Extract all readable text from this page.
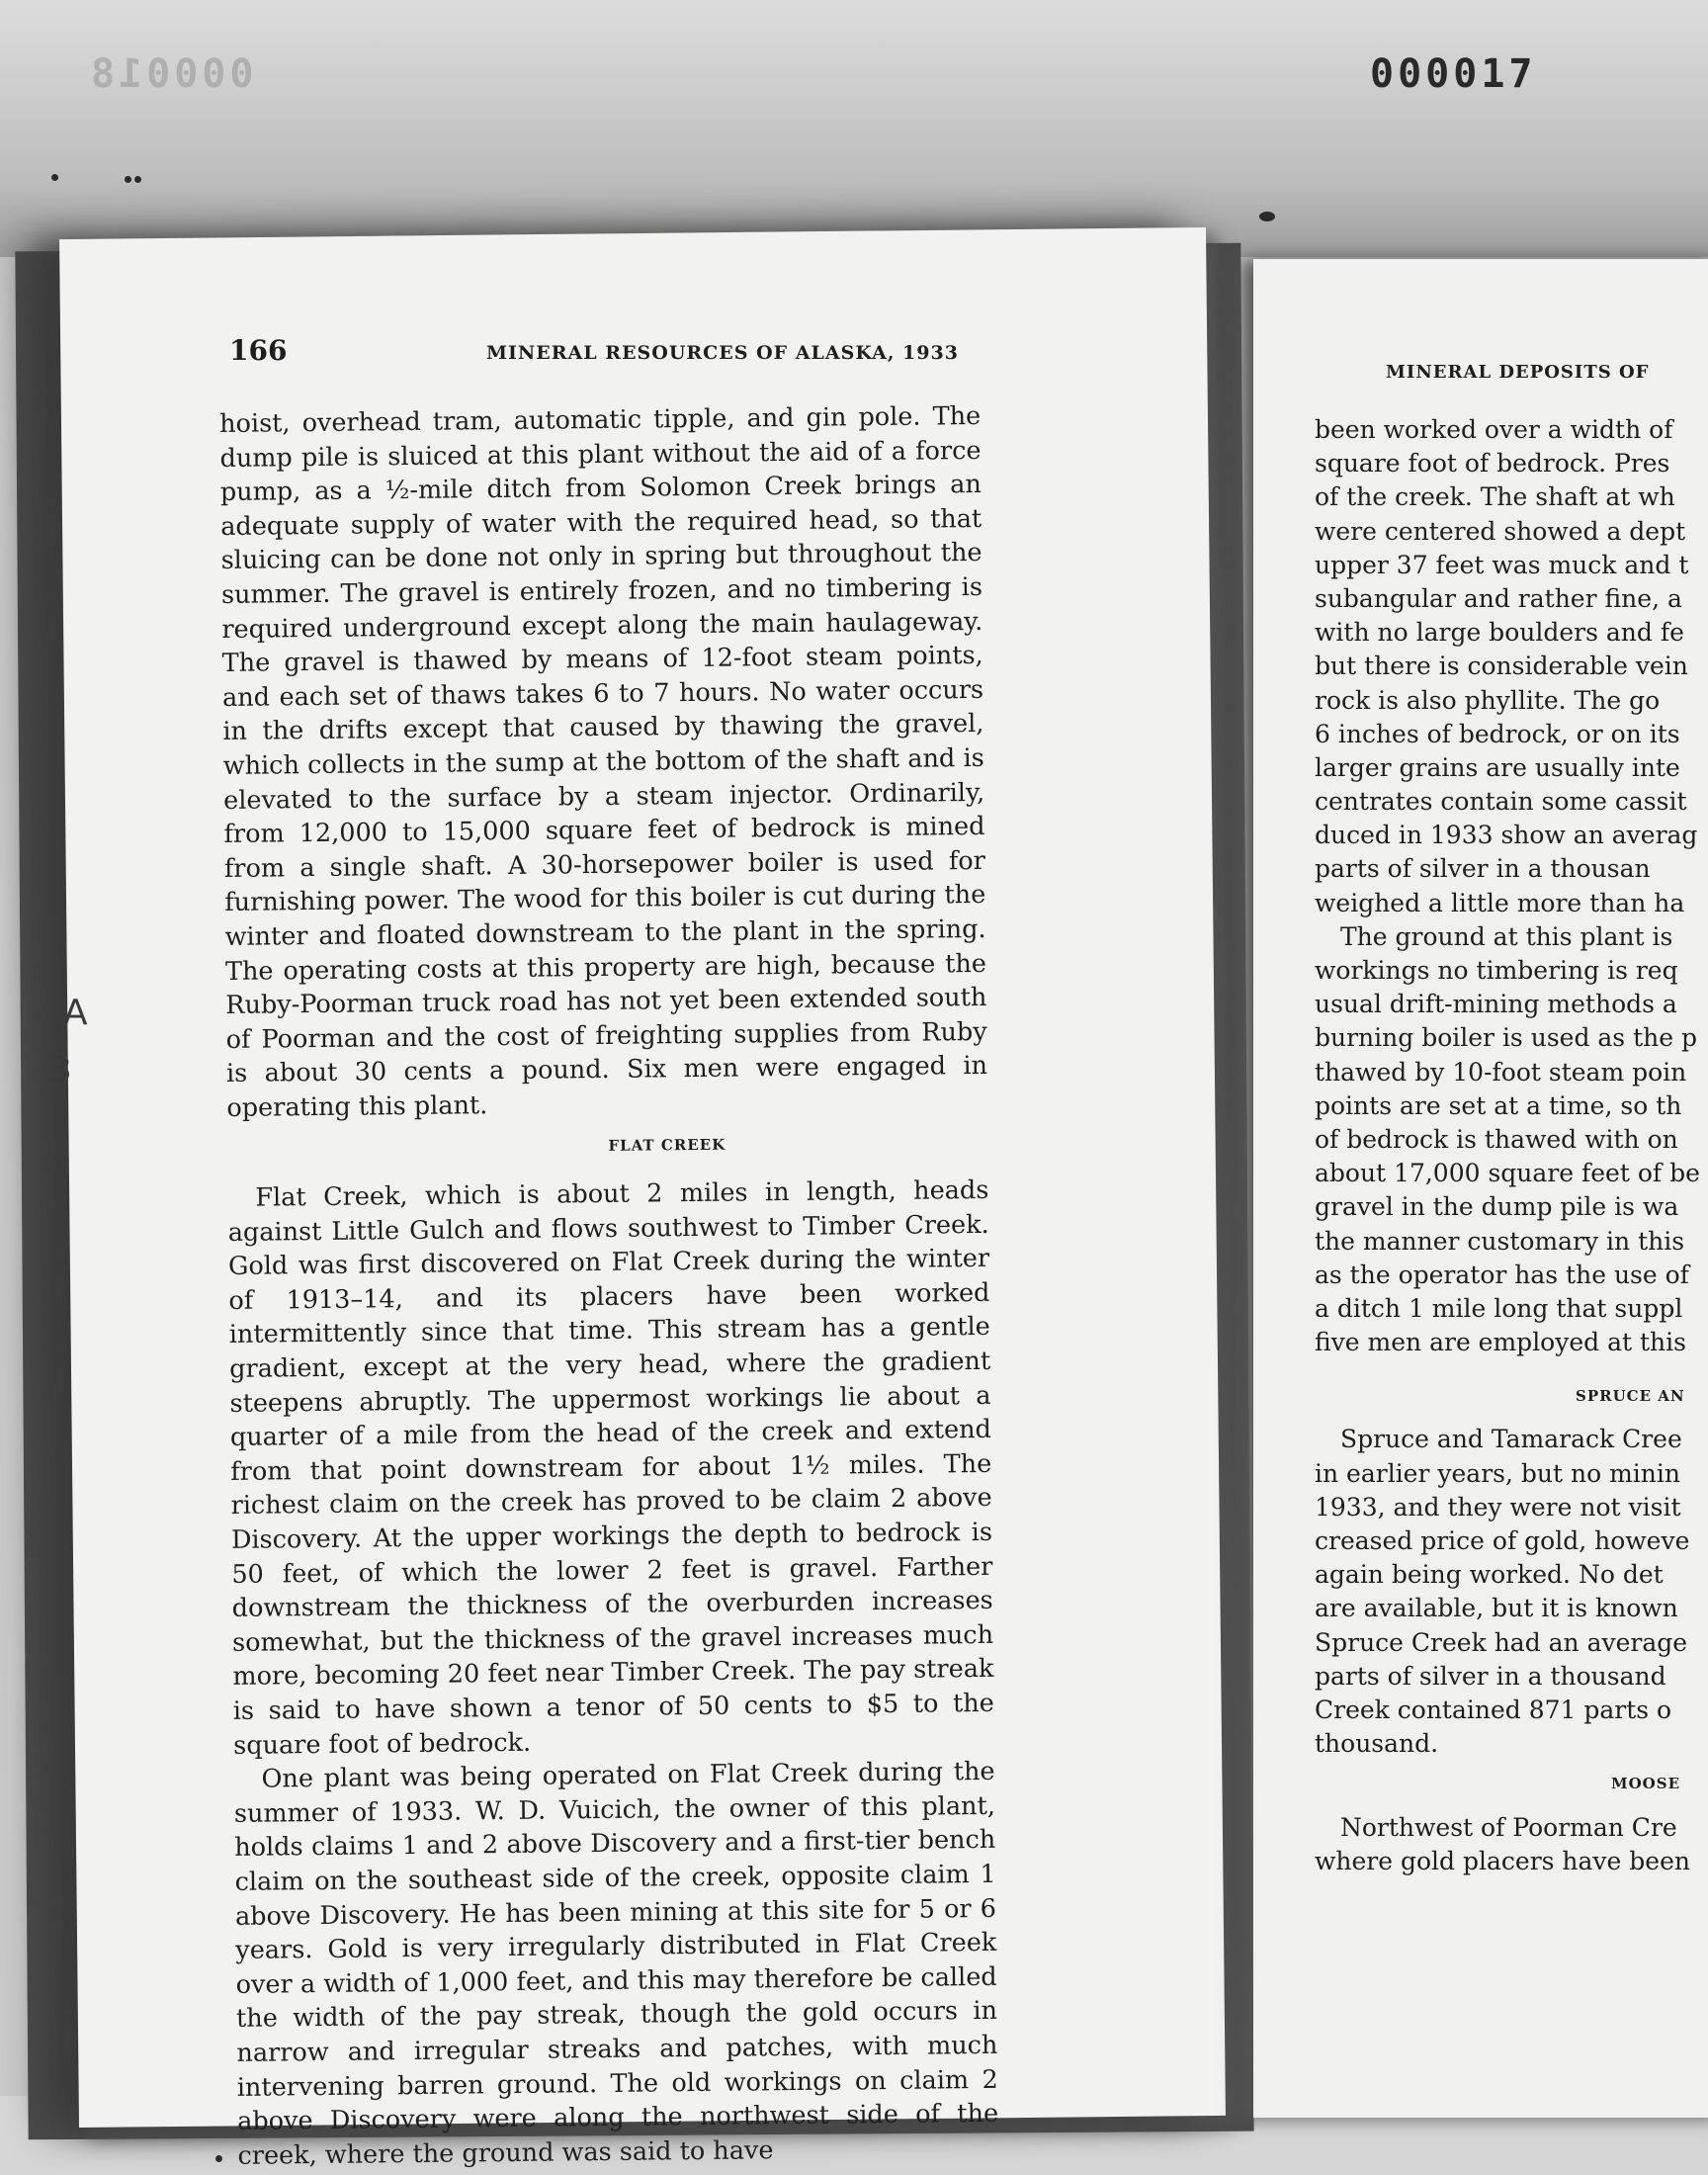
000018	000017
A
3
166	MINERAL RESOURCES OF ALASKA, 1933

hoist, overhead tram, automatic tipple, and gin pole. The dump pile is sluiced at this plant without the aid of a force pump, as a ½-mile ditch from Solomon Creek brings an adequate supply of water with the required head, so that sluicing can be done not only in spring but throughout the summer. The gravel is entirely frozen, and no timbering is required underground except along the main haulageway. The gravel is thawed by means of 12-foot steam points, and each set of thaws takes 6 to 7 hours. No water occurs in the drifts except that caused by thawing the gravel, which collects in the sump at the bottom of the shaft and is elevated to the surface by a steam injector. Ordinarily, from 12,000 to 15,000 square feet of bedrock is mined from a single shaft. A 30-horsepower boiler is used for furnishing power. The wood for this boiler is cut during the winter and floated downstream to the plant in the spring. The operating costs at this property are high, because the Ruby-Poorman truck road has not yet been extended south of Poorman and the cost of freighting supplies from Ruby is about 30 cents a pound. Six men were engaged in operating this plant.

FLAT CREEK

Flat Creek, which is about 2 miles in length, heads against Little Gulch and flows southwest to Timber Creek. Gold was first discovered on Flat Creek during the winter of 1913–14, and its placers have been worked intermittently since that time. This stream has a gentle gradient, except at the very head, where the gradient steepens abruptly. The uppermost workings lie about a quarter of a mile from the head of the creek and extend from that point downstream for about 1½ miles. The richest claim on the creek has proved to be claim 2 above Discovery. At the upper workings the depth to bedrock is 50 feet, of which the lower 2 feet is gravel. Farther downstream the thickness of the overburden increases somewhat, but the thickness of the gravel increases much more, becoming 20 feet near Timber Creek. The pay streak is said to have shown a tenor of 50 cents to $5 to the square foot of bedrock.

One plant was being operated on Flat Creek during the summer of 1933. W. D. Vuicich, the owner of this plant, holds claims 1 and 2 above Discovery and a first-tier bench claim on the southeast side of the creek, opposite claim 1 above Discovery. He has been mining at this site for 5 or 6 years. Gold is very irregularly distributed in Flat Creek over a width of 1,000 feet, and this may therefore be called the width of the pay streak, though the gold occurs in narrow and irregular streaks and patches, with much intervening barren ground. The old workings on claim 2 above Discovery were along the northwest side of the creek, where the ground was said to have

MINERAL DEPOSITS OF
been worked over a width of
square foot of bedrock. Pres
of the creek. The shaft at wh
were centered showed a dept
upper 37 feet was muck and t
subangular and rather fine, a
with no large boulders and fe
but there is considerable vein
rock is also phyllite. The go
6 inches of bedrock, or on its
larger grains are usually inte
centrates contain some cassit
duced in 1933 show an averag
parts of silver in a thousan
weighed a little more than ha
The ground at this plant is
workings no timbering is req
usual drift-mining methods a
burning boiler is used as the p
thawed by 10-foot steam poin
points are set at a time, so th
of bedrock is thawed with on
about 17,000 square feet of be
gravel in the dump pile is wa
the manner customary in this
as the operator has the use of
a ditch 1 mile long that suppl
five men are employed at this
SPRUCE AN
Spruce and Tamarack Cree
in earlier years, but no minin
1933, and they were not visit
creased price of gold, howeve
again being worked. No det
are available, but it is known
Spruce Creek had an average
parts of silver in a thousand
Creek contained 871 parts o
thousand.
MOOSE
Northwest of Poorman Cre
where gold placers have been
